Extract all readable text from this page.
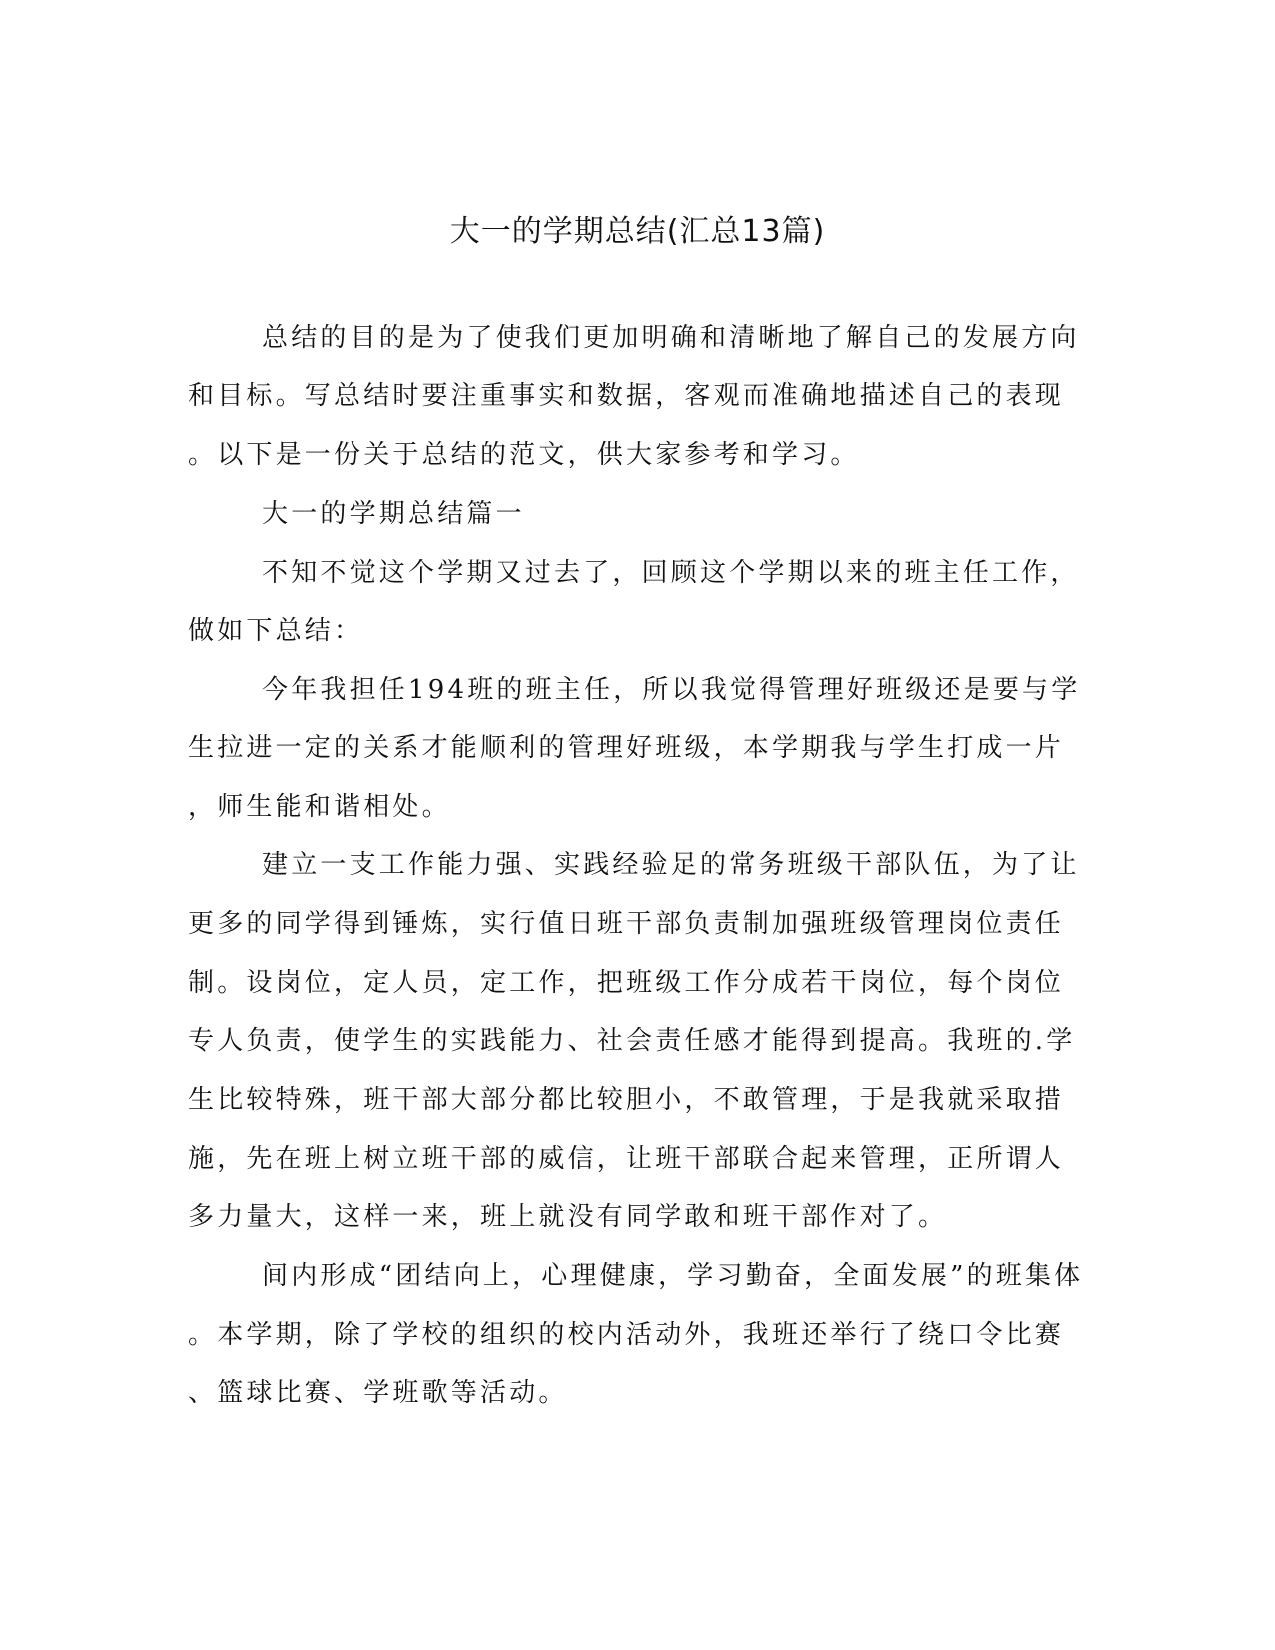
大一的学期总结(汇总13篇)
总结的目的是为了使我们更加明确和清晰地了解自己的发展方向
和目标。写总结时要注重事实和数据，客观而准确地描述自己的表现
。以下是一份关于总结的范文，供大家参考和学习。
大一的学期总结篇一
不知不觉这个学期又过去了，回顾这个学期以来的班主任工作，
做如下总结：
今年我担任194班的班主任，所以我觉得管理好班级还是要与学
生拉进一定的关系才能顺利的管理好班级，本学期我与学生打成一片
，师生能和谐相处。
建立一支工作能力强、实践经验足的常务班级干部队伍，为了让
更多的同学得到锤炼，实行值日班干部负责制加强班级管理岗位责任
制。设岗位，定人员，定工作，把班级工作分成若干岗位，每个岗位
专人负责，使学生的实践能力、社会责任感才能得到提高。我班的.学
生比较特殊，班干部大部分都比较胆小，不敢管理，于是我就采取措
施，先在班上树立班干部的威信，让班干部联合起来管理，正所谓人
多力量大，这样一来，班上就没有同学敢和班干部作对了。
间内形成“团结向上，心理健康，学习勤奋，全面发展”的班集体
。本学期，除了学校的组织的校内活动外，我班还举行了绕口令比赛
、篮球比赛、学班歌等活动。
